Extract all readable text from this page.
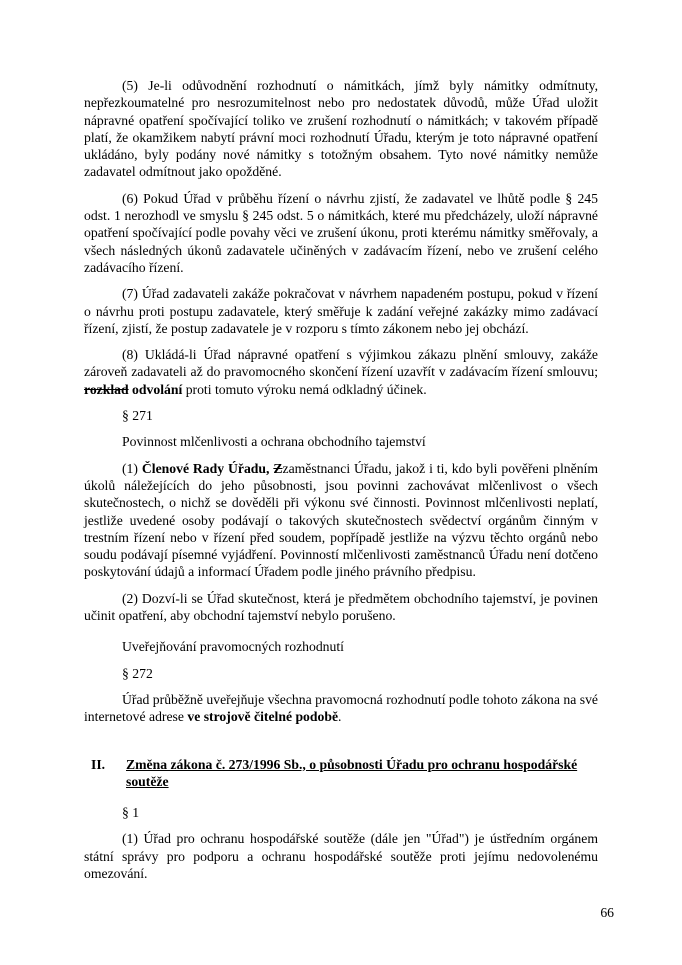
(5) Je-li odůvodnění rozhodnutí o námitkách, jímž byly námitky odmítnuty, nepřezkoumatelné pro nesrozumitelnost nebo pro nedostatek důvodů, může Úřad uložit nápravné opatření spočívající toliko ve zrušení rozhodnutí o námitkách; v takovém případě platí, že okamžikem nabytí právní moci rozhodnutí Úřadu, kterým je toto nápravné opatření ukládáno, byly podány nové námitky s totožným obsahem. Tyto nové námitky nemůže zadavatel odmítnout jako opožděné.

(6) Pokud Úřad v průběhu řízení o návrhu zjistí, že zadavatel ve lhůtě podle § 245 odst. 1 nerozhodl ve smyslu § 245 odst. 5 o námitkách, které mu předcházely, uloží nápravné opatření spočívající podle povahy věci ve zrušení úkonu, proti kterému námitky směřovaly, a všech následných úkonů zadavatele učiněných v zadávacím řízení, nebo ve zrušení celého zadávacího řízení.

(7) Úřad zadavateli zakáže pokračovat v návrhem napadeném postupu, pokud v řízení o návrhu proti postupu zadavatele, který směřuje k zadání veřejné zakázky mimo zadávací řízení, zjistí, že postup zadavatele je v rozporu s tímto zákonem nebo jej obchází.

(8) Ukládá-li Úřad nápravné opatření s výjimkou zákazu plnění smlouvy, zakáže zároveň zadavateli až do pravomocného skončení řízení uzavřít v zadávacím řízení smlouvu; rozklad odvolání proti tomuto výroku nemá odkladný účinek.

§ 271

Povinnost mlčenlivosti a ochrana obchodního tajemství

(1) Členové Rady Úřadu, Zzaměstnanci Úřadu, jakož i ti, kdo byli pověřeni plněním úkolů náležejících do jeho působnosti, jsou povinni zachovávat mlčenlivost o všech skutečnostech, o nichž se dověděli při výkonu své činnosti. Povinnost mlčenlivosti neplatí, jestliže uvedené osoby podávají o takových skutečnostech svědectví orgánům činným v trestním řízení nebo v řízení před soudem, popřípadě jestliže na výzvu těchto orgánů nebo soudu podávají písemné vyjádření. Povinností mlčenlivosti zaměstnanců Úřadu není dotčeno poskytování údajů a informací Úřadem podle jiného právního předpisu.

(2) Dozví-li se Úřad skutečnost, která je předmětem obchodního tajemství, je povinen učinit opatření, aby obchodní tajemství nebylo porušeno.

Uveřejňování pravomocných rozhodnutí

§ 272

Úřad průběžně uveřejňuje všechna pravomocná rozhodnutí podle tohoto zákona na své internetové adrese ve strojově čitelné podobě.

II.	Změna zákona č. 273/1996 Sb., o působnosti Úřadu pro ochranu hospodářské soutěže

§ 1

(1) Úřad pro ochranu hospodářské soutěže (dále jen "Úřad") je ústředním orgánem státní správy pro podporu a ochranu hospodářské soutěže proti jejímu nedovolenému omezování.

66
